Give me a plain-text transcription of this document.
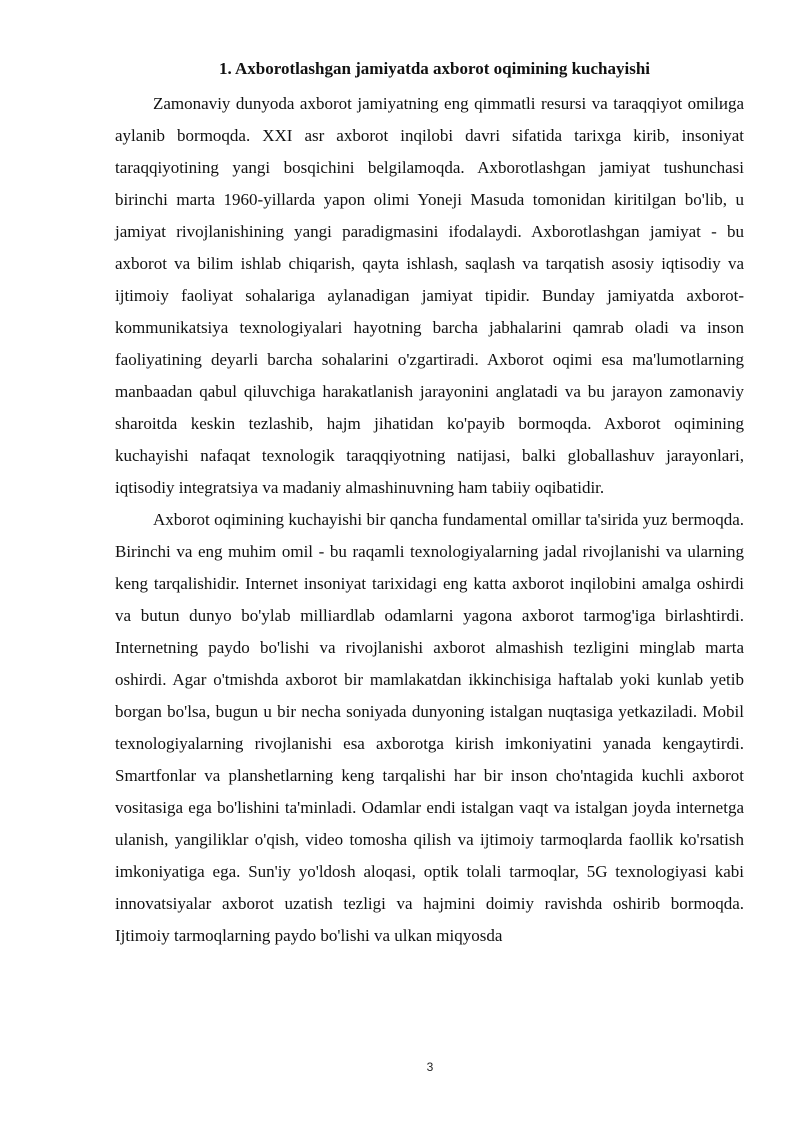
1. Axborotlashgan jamiyatda axborot oqimining kuchayishi

Zamonaviy dunyoda axborot jamiyatning eng qimmatli resursi va taraqqiyot omilиga aylanib bormoqda. XXI asr axborot inqilobi davri sifatida tarixga kirib, insoniyat taraqqiyotining yangi bosqichini belgilamoqda. Axborotlashgan jamiyat tushunchasi birinchi marta 1960-yillarda yapon olimi Yoneji Masuda tomonidan kiritilgan bo'lib, u jamiyat rivojlanishining yangi paradigmasini ifodalaydi. Axborotlashgan jamiyat - bu axborot va bilim ishlab chiqarish, qayta ishlash, saqlash va tarqatish asosiy iqtisodiy va ijtimoiy faoliyat sohalariga aylanadigan jamiyat tipidir. Bunday jamiyatda axborot-kommunikatsiya texnologiyalari hayotning barcha jabhalarini qamrab oladi va inson faoliyatining deyarli barcha sohalarini o'zgartiradi. Axborot oqimi esa ma'lumotlarning manbaadan qabul qiluvchiga harakatlanish jarayonini anglatadi va bu jarayon zamonaviy sharoitda keskin tezlashib, hajm jihatidan ko'payib bormoqda. Axborot oqimining kuchayishi nafaqat texnologik taraqqiyotning natijasi, balki globallashuv jarayonlari, iqtisodiy integratsiya va madaniy almashinuvning ham tabiiy oqibatidir.

Axborot oqimining kuchayishi bir qancha fundamental omillar ta'sirida yuz bermoqda. Birinchi va eng muhim omil - bu raqamli texnologiyalarning jadal rivojlanishi va ularning keng tarqalishidir. Internet insoniyat tarixidagi eng katta axborot inqilobini amalga oshirdi va butun dunyo bo'ylab milliardlab odamlarni yagona axborot tarmog'iga birlashtirdi. Internetning paydo bo'lishi va rivojlanishi axborot almashish tezligini minglab marta oshirdi. Agar o'tmishda axborot bir mamlakatdan ikkinchisiga haftalab yoki kunlab yetib borgan bo'lsa, bugun u bir necha soniyada dunyoning istalgan nuqtasiga yetkaziladi. Mobil texnologiyalarning rivojlanishi esa axborotga kirish imkoniyatini yanada kengaytirdi. Smartfonlar va planshetlarning keng tarqalishi har bir inson cho'ntagida kuchli axborot vositasiga ega bo'lishini ta'minladi. Odamlar endi istalgan vaqt va istalgan joyda internetga ulanish, yangiliklar o'qish, video tomosha qilish va ijtimoiy tarmoqlarda faollik ko'rsatish imkoniyatiga ega. Sun'iy yo'ldosh aloqasi, optik tolali tarmoqlar, 5G texnologiyasi kabi innovatsiyalar axborot uzatish tezligi va hajmini doimiy ravishda oshirib bormoqda. Ijtimoiy tarmoqlarning paydo bo'lishi va ulkan miqyosda

3
